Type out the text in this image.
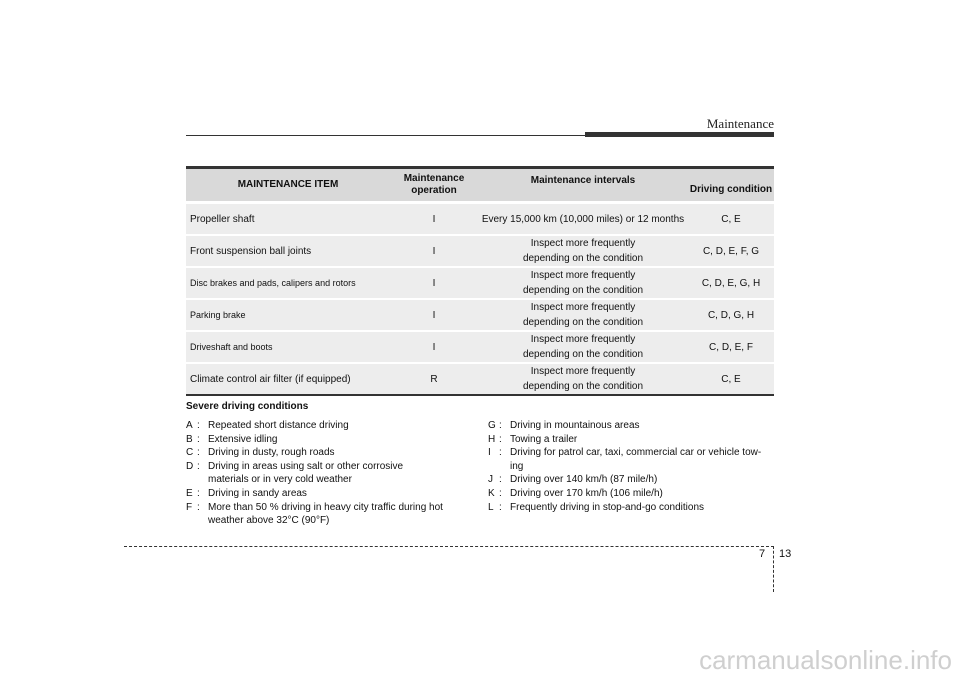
Maintenance
MAINTENANCE ITEM	Maintenance operation	Maintenance intervals	Driving condition
Propeller shaft	I	Every 15,000 km (10,000 miles) or 12 months	C, E
Front suspension ball joints	I	Inspect more frequently depending on the condition	C, D, E, F, G
Disc brakes and pads, calipers and rotors	I	Inspect more frequently depending on the condition	C, D, E, G, H
Parking brake	I	Inspect more frequently depending on the condition	C, D, G, H
Driveshaft and boots	I	Inspect more frequently depending on the condition	C, D, E, F
Climate control air filter (if equipped)	R	Inspect more frequently depending on the condition	C, E
Severe driving conditions
A : Repeated short distance driving
B : Extensive idling
C : Driving in dusty, rough roads
D : Driving in areas using salt or other corrosive materials or in very cold weather
E : Driving in sandy areas
F : More than 50 % driving in heavy city traffic during hot weather above 32°C (90°F)
G : Driving in mountainous areas
H : Towing a trailer
I : Driving for patrol car, taxi, commercial car or vehicle tow-ing
J : Driving over 140 km/h (87 mile/h)
K : Driving over 170 km/h (106 mile/h)
L : Frequently driving in stop-and-go conditions
7 13
carmanualsonline.info
